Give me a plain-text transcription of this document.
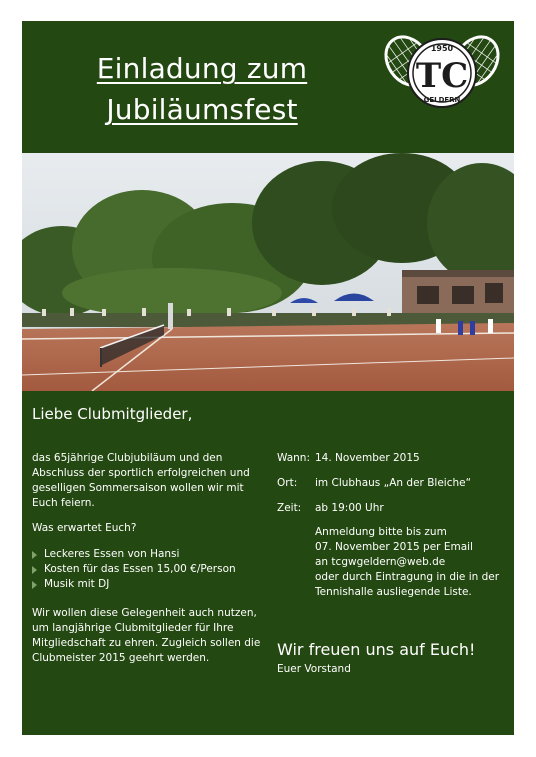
Einladung zum
Jubiläumsfest
1950
TC
GELDERN
Liebe Clubmitglieder,

das 65jährige Clubjubiläum und den
Abschluss der sportlich erfolgreichen und
geselligen Sommersaison wollen wir mit
Euch feiern.

Was erwartet Euch?

Leckeres Essen von Hansi
Kosten für das Essen 15,00 €/Person
Musik mit DJ

Wir wollen diese Gelegenheit auch nutzen,
um langjährige Clubmitglieder für Ihre
Mitgliedschaft zu ehren. Zugleich sollen die
Clubmeister 2015 geehrt werden.

Wann: 14. November 2015
Ort: im Clubhaus „An der Bleiche“
Zeit: ab 19:00 Uhr
Anmeldung bitte bis zum
07. November 2015 per Email
an tcgwgeldern@web.de
oder durch Eintragung in die in der
Tennishalle ausliegende Liste.
Wir freuen uns auf Euch!
Euer Vorstand
